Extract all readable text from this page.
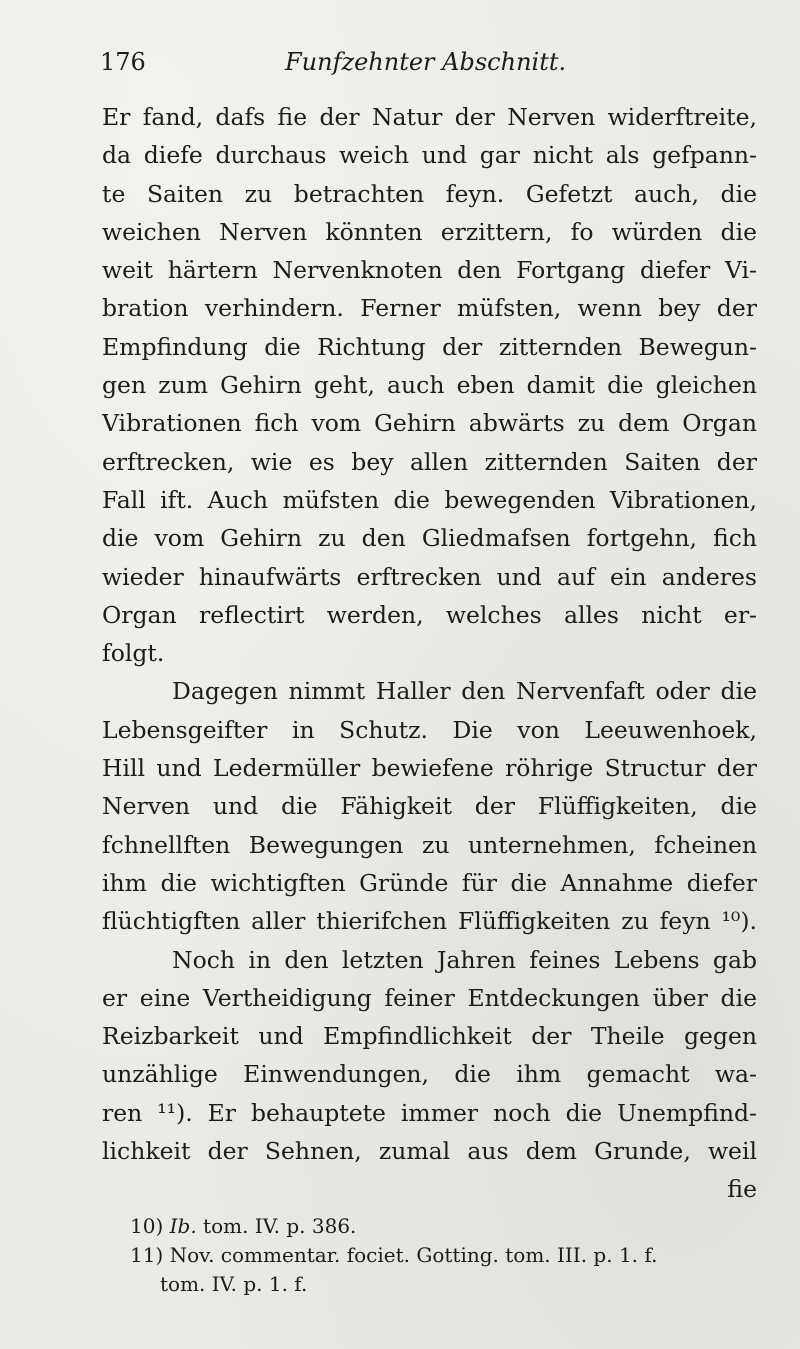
176	Funfzehnter Abschnitt.
Er fand, dafs fie der Natur der Nerven widerftreite,
da diefe durchaus weich und gar nicht als gefpann-
te Saiten zu betrachten feyn. Gefetzt auch, die
weichen Nerven könnten erzittern, fo würden die
weit härtern Nervenknoten den Fortgang diefer Vi-
bration verhindern. Ferner müfsten, wenn bey der
Empfindung die Richtung der zitternden Bewegun-
gen zum Gehirn geht, auch eben damit die gleichen
Vibrationen fich vom Gehirn abwärts zu dem Organ
erftrecken, wie es bey allen zitternden Saiten der
Fall ift. Auch müfsten die bewegenden Vibrationen,
die vom Gehirn zu den Gliedmafsen fortgehn, fich
wieder hinaufwärts erftrecken und auf ein anderes
Organ reflectirt werden, welches alles nicht er-
folgt.
Dagegen nimmt Haller den Nervenfaft oder die
Lebensgeifter in Schutz. Die von Leeuwenhoek,
Hill und Ledermüller bewiefene röhrige Structur der
Nerven und die Fähigkeit der Flüffigkeiten, die
fchnellften Bewegungen zu unternehmen, fcheinen
ihm die wichtigften Gründe für die Annahme diefer
flüchtigften aller thierifchen Flüffigkeiten zu feyn ¹⁰).
Noch in den letzten Jahren feines Lebens gab
er eine Vertheidigung feiner Entdeckungen über die
Reizbarkeit und Empfindlichkeit der Theile gegen
unzählige Einwendungen, die ihm gemacht wa-
ren ¹¹). Er behauptete immer noch die Unempfind-
lichkeit der Sehnen, zumal aus dem Grunde, weil
fie
10) Ib. tom. IV. p. 386.
11) Nov. commentar. fociet. Gotting. tom. III. p. 1. f.
tom. IV. p. 1. f.
